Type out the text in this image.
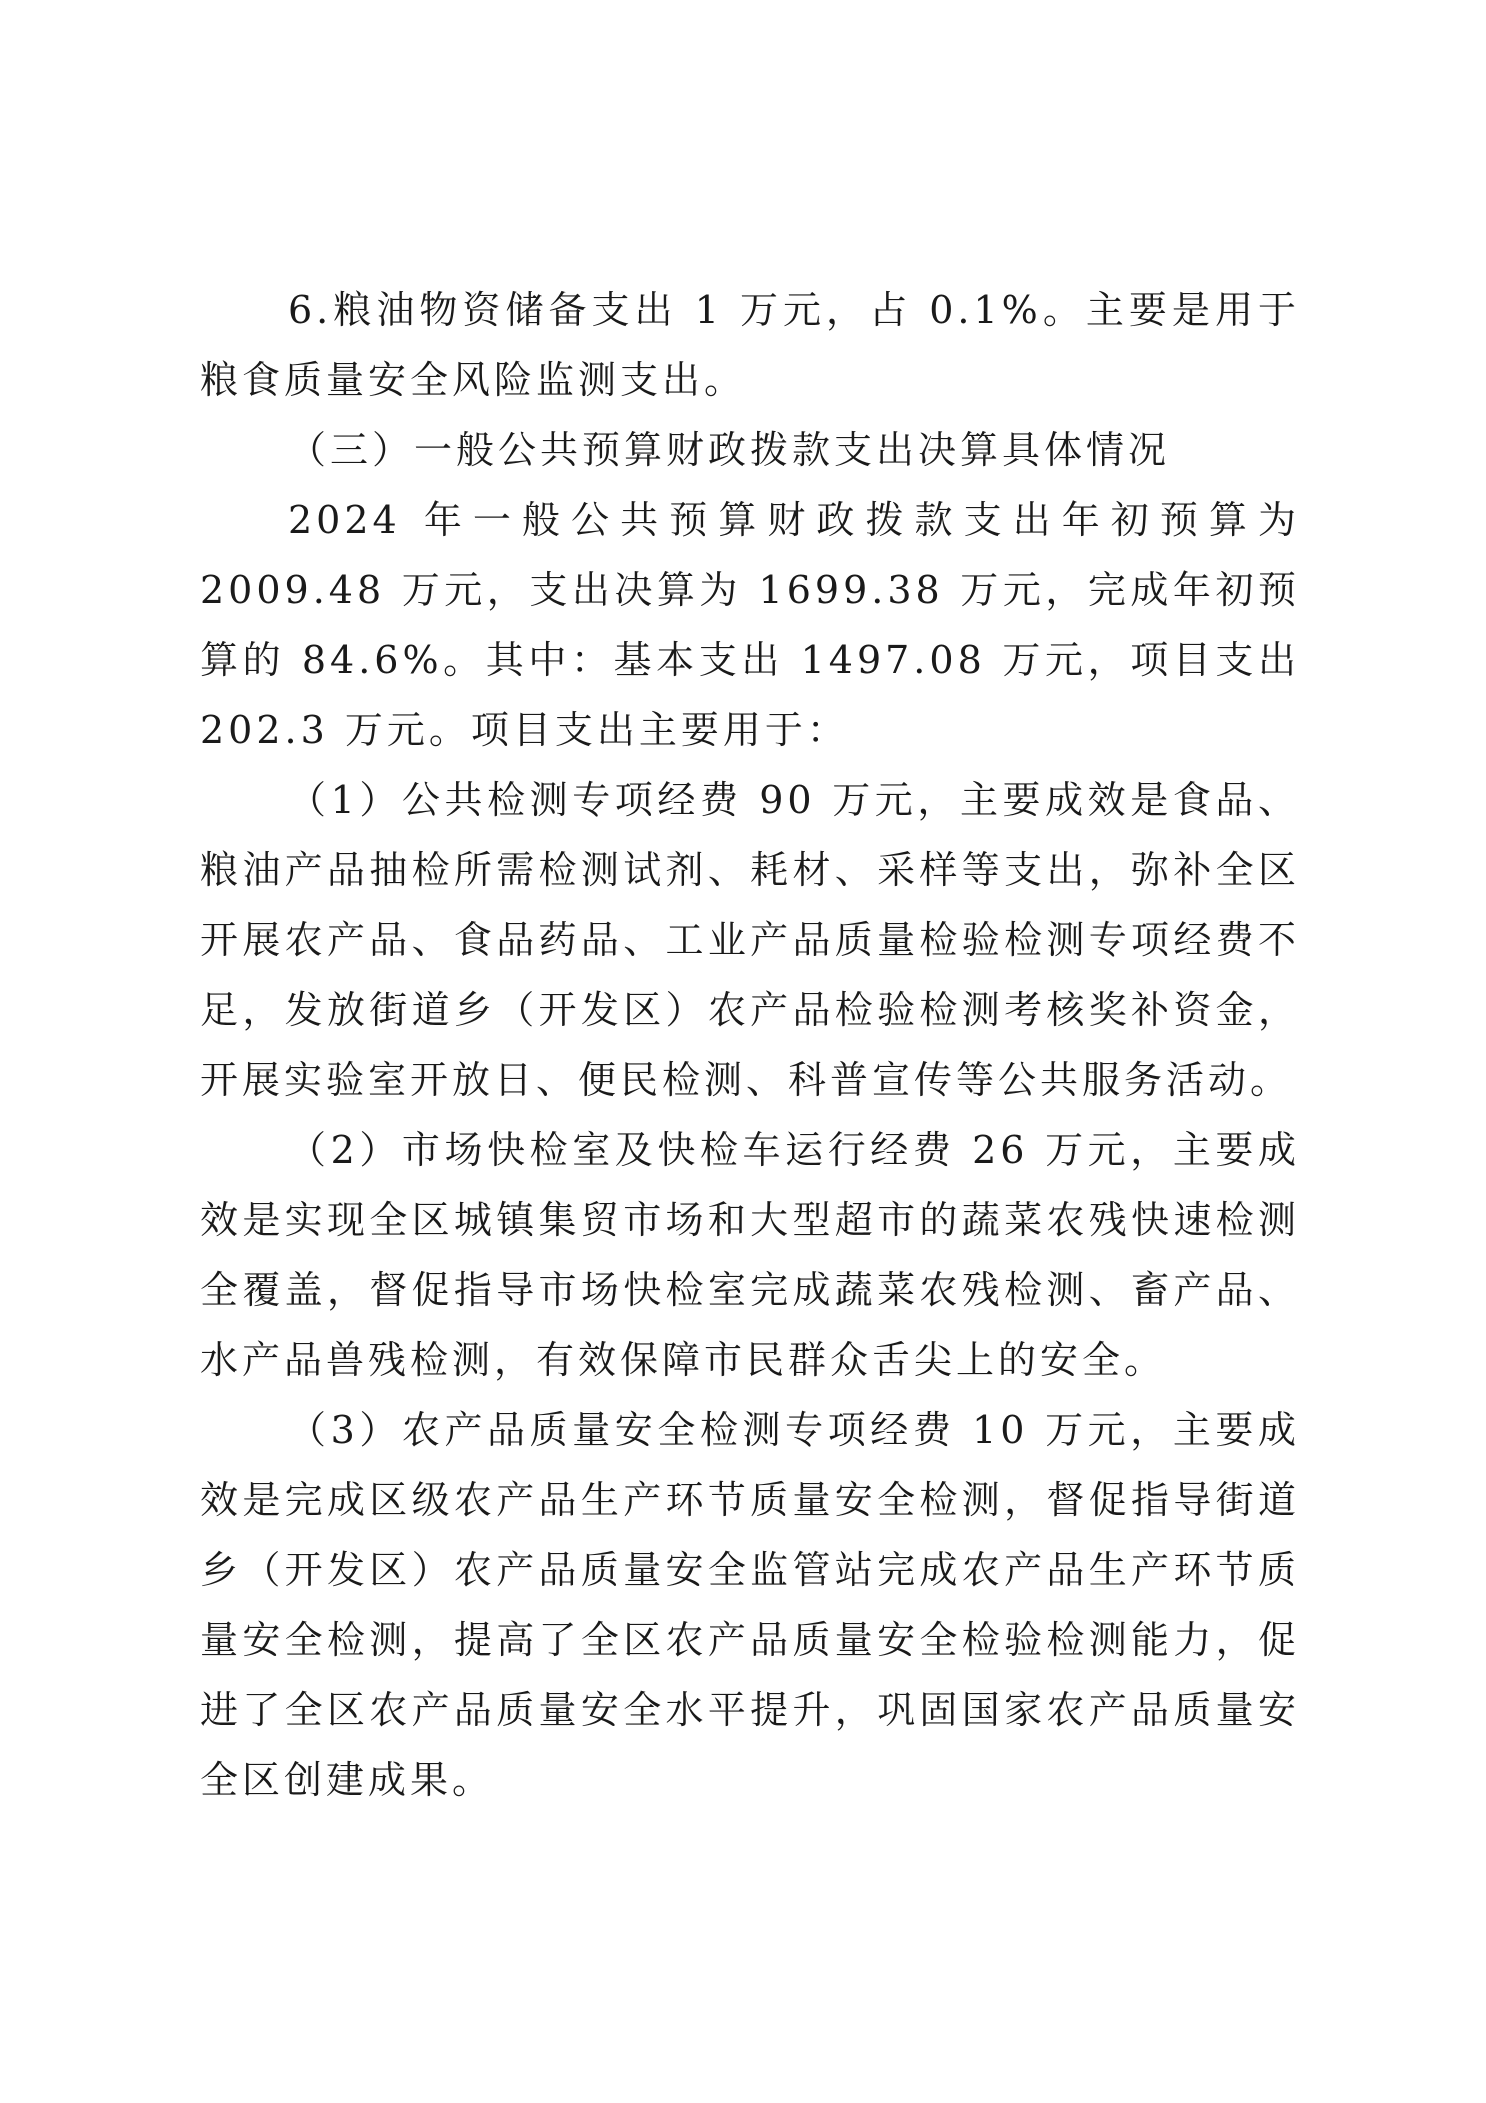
6.粮油物资储备支出 1 万元，占 0.1%。主要是用于粮食质量安全风险监测支出。

（三）一般公共预算财政拨款支出决算具体情况

2024 年一般公共预算财政拨款支出年初预算为 2009.48 万元，支出决算为 1699.38 万元，完成年初预算的 84.6%。其中：基本支出 1497.08 万元，项目支出 202.3 万元。项目支出主要用于：

（1）公共检测专项经费 90 万元，主要成效是食品、粮油产品抽检所需检测试剂、耗材、采样等支出，弥补全区开展农产品、食品药品、工业产品质量检验检测专项经费不足，发放街道乡（开发区）农产品检验检测考核奖补资金，开展实验室开放日、便民检测、科普宣传等公共服务活动。

（2）市场快检室及快检车运行经费 26 万元，主要成效是实现全区城镇集贸市场和大型超市的蔬菜农残快速检测全覆盖，督促指导市场快检室完成蔬菜农残检测、畜产品、水产品兽残检测，有效保障市民群众舌尖上的安全。

（3）农产品质量安全检测专项经费 10 万元，主要成效是完成区级农产品生产环节质量安全检测，督促指导街道乡（开发区）农产品质量安全监管站完成农产品生产环节质量安全检测，提高了全区农产品质量安全检验检测能力，促进了全区农产品质量安全水平提升，巩固国家农产品质量安全区创建成果。
